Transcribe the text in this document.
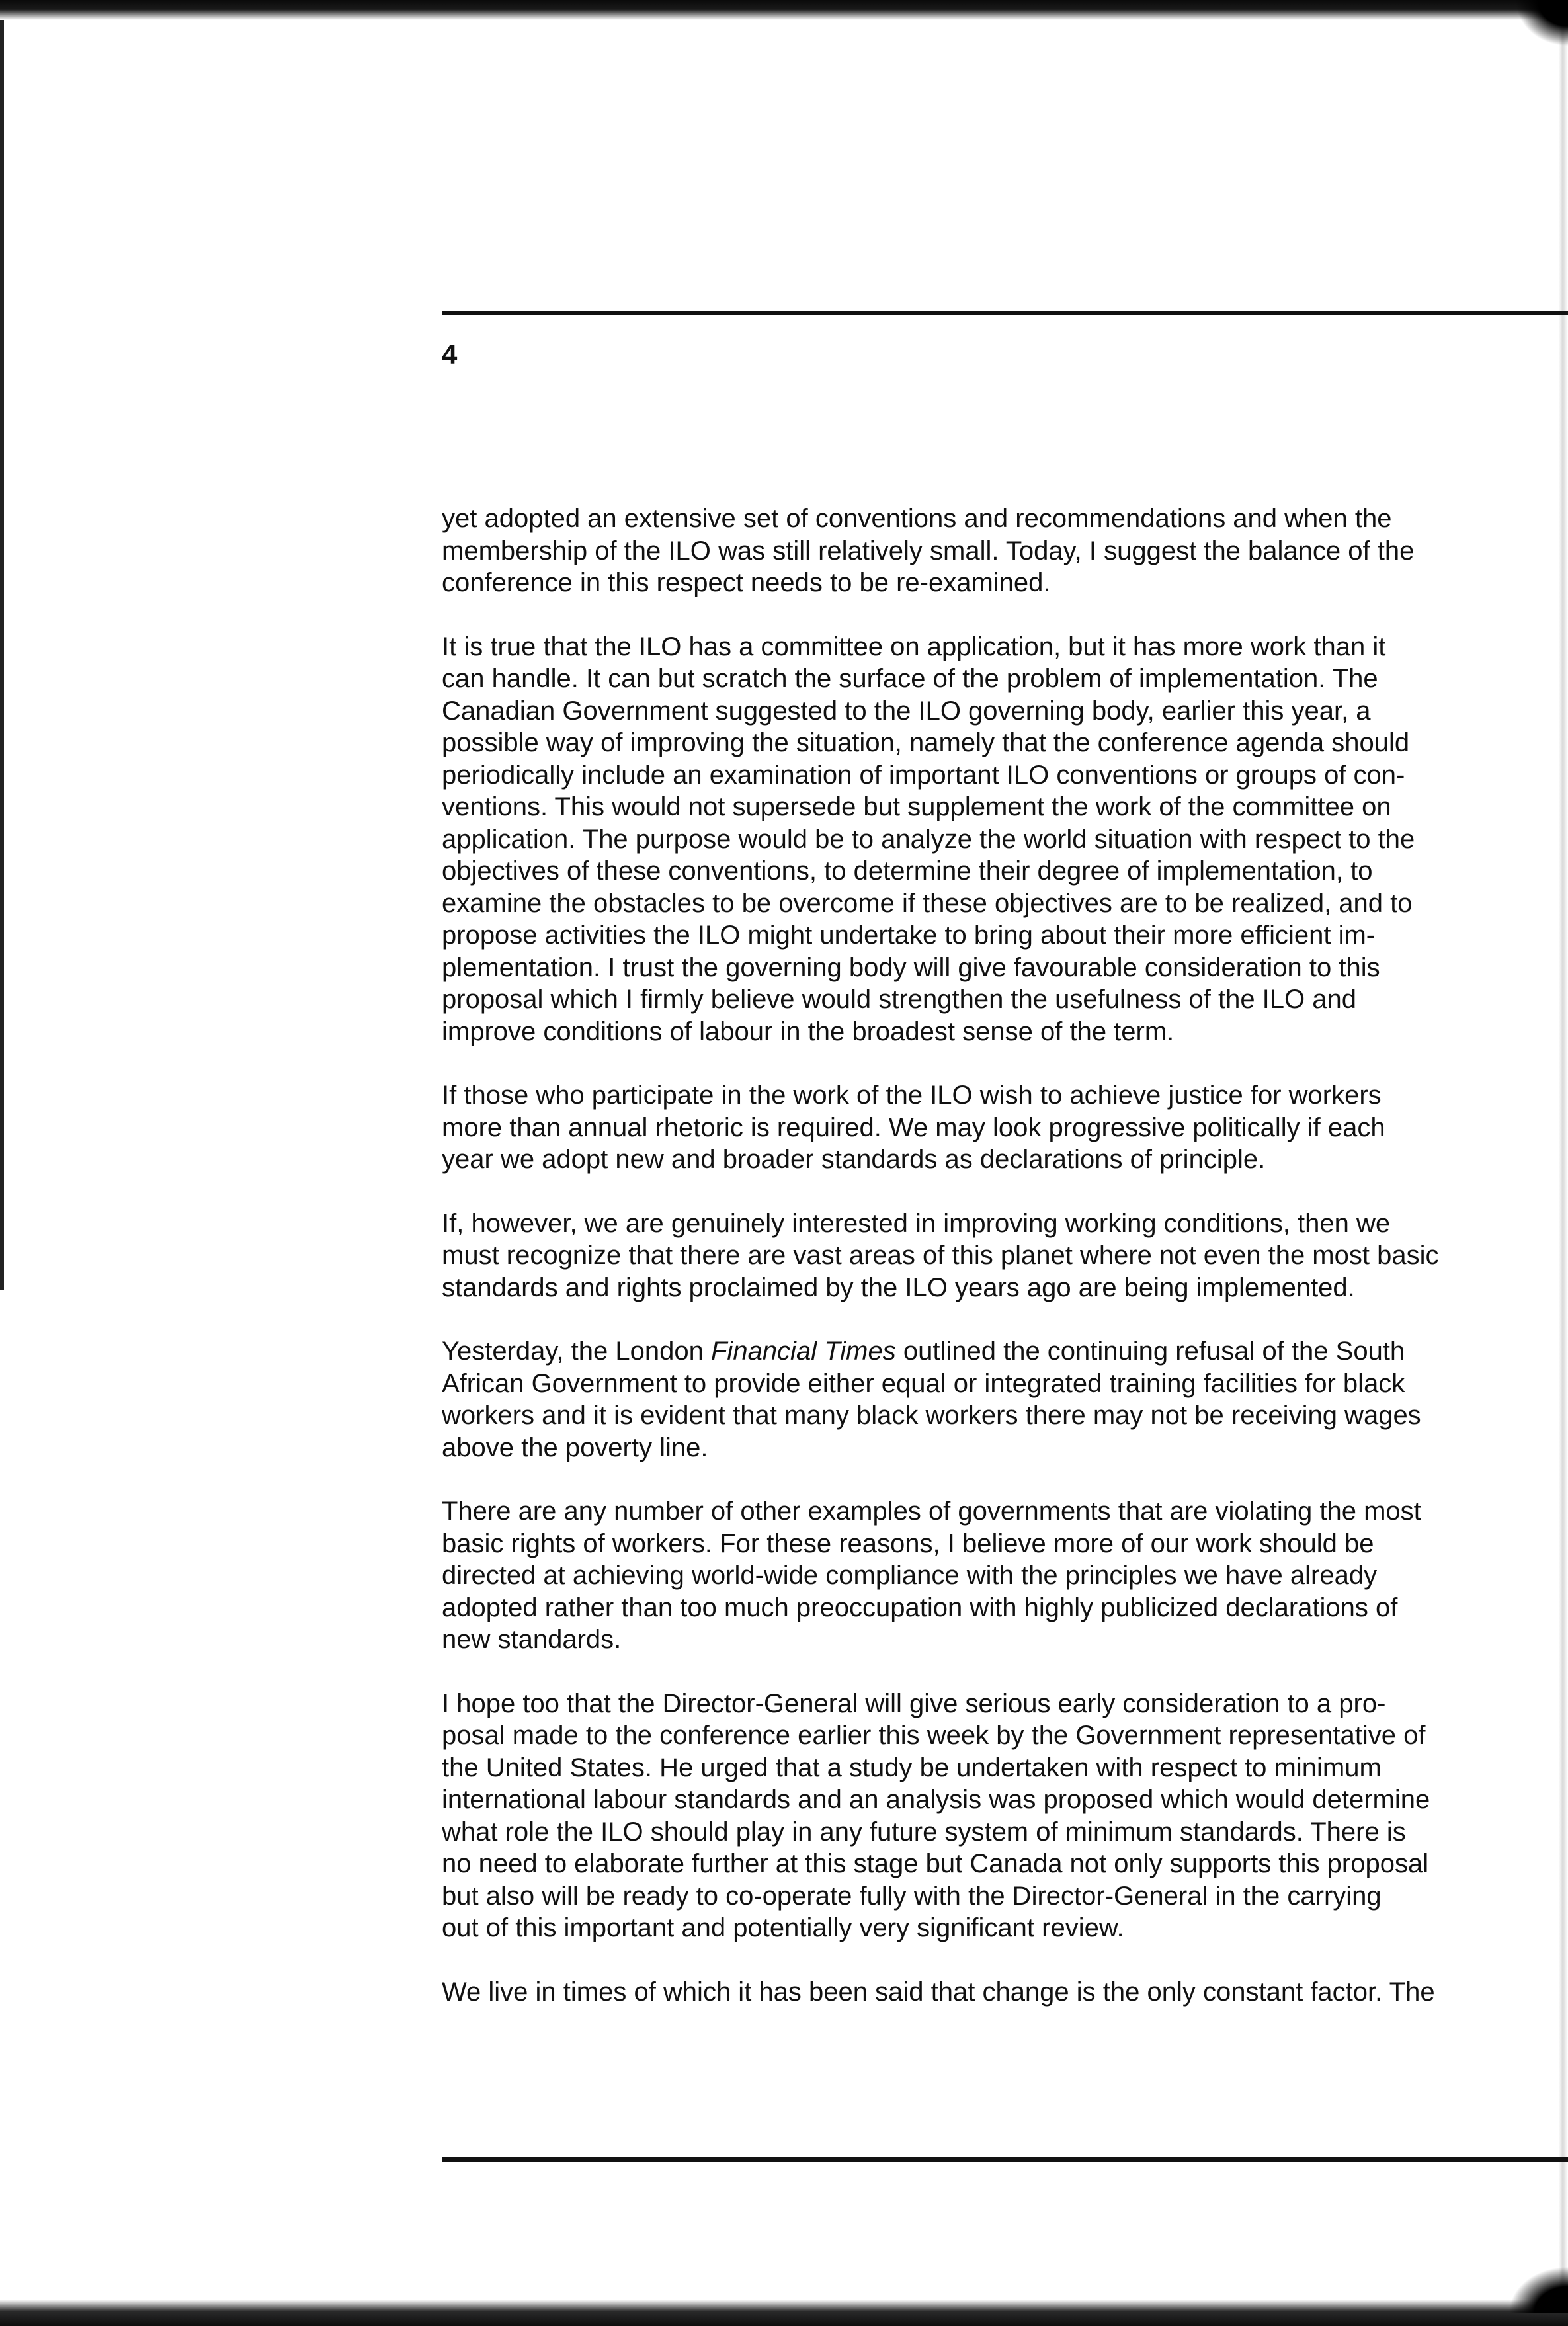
4

yet adopted an extensive set of conventions and recommendations and when the
membership of the ILO was still relatively small. Today, I suggest the balance of the
conference in this respect needs to be re-examined.

It is true that the ILO has a committee on application, but it has more work than it
can handle. It can but scratch the surface of the problem of implementation. The
Canadian Government suggested to the ILO governing body, earlier this year, a
possible way of improving the situation, namely that the conference agenda should
periodically include an examination of important ILO conventions or groups of con-
ventions. This would not supersede but supplement the work of the committee on
application. The purpose would be to analyze the world situation with respect to the
objectives of these conventions, to determine their degree of implementation, to
examine the obstacles to be overcome if these objectives are to be realized, and to
propose activities the ILO might undertake to bring about their more efficient im-
plementation. I trust the governing body will give favourable consideration to this
proposal which I firmly believe would strengthen the usefulness of the ILO and
improve conditions of labour in the broadest sense of the term.

If those who participate in the work of the ILO wish to achieve justice for workers
more than annual rhetoric is required. We may look progressive politically if each
year we adopt new and broader standards as declarations of principle.

If, however, we are genuinely interested in improving working conditions, then we
must recognize that there are vast areas of this planet where not even the most basic
standards and rights proclaimed by the ILO years ago are being implemented.

Yesterday, the London Financial Times outlined the continuing refusal of the South
African Government to provide either equal or integrated training facilities for black
workers and it is evident that many black workers there may not be receiving wages
above the poverty line.

There are any number of other examples of governments that are violating the most
basic rights of workers. For these reasons, I believe more of our work should be
directed at achieving world-wide compliance with the principles we have already
adopted rather than too much preoccupation with highly publicized declarations of
new standards.

I hope too that the Director-General will give serious early consideration to a pro-
posal made to the conference earlier this week by the Government representative of
the United States. He urged that a study be undertaken with respect to minimum
international labour standards and an analysis was proposed which would determine
what role the ILO should play in any future system of minimum standards. There is
no need to elaborate further at this stage but Canada not only supports this proposal
but also will be ready to co-operate fully with the Director-General in the carrying
out of this important and potentially very significant review.

We live in times of which it has been said that change is the only constant factor. The
